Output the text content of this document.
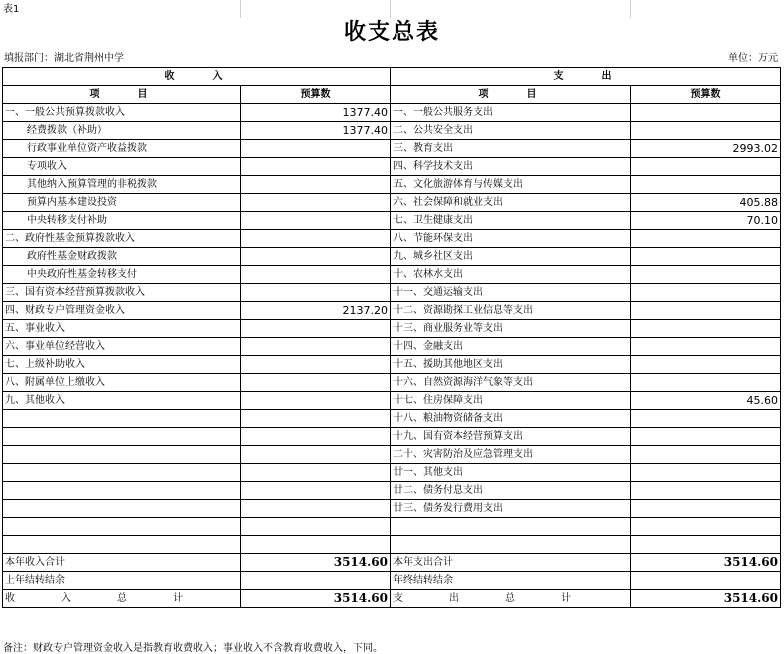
表1
收支总表
填报部门：湖北省荆州中学	单位：万元
收　　入		支　　出	
项　　目	预算数	项　　目	预算数
一、一般公共预算拨款收入	1377.40	一、一般公共服务支出	
经费拨款（补助）	1377.40	二、公共安全支出	
行政事业单位资产收益拨款		三、教育支出	2993.02
专项收入		四、科学技术支出	
其他纳入预算管理的非税拨款		五、文化旅游体育与传媒支出	
预算内基本建设投资		六、社会保障和就业支出	405.88
中央转移支付补助		七、卫生健康支出	70.10
二、政府性基金预算拨款收入		八、节能环保支出	
政府性基金财政拨款		九、城乡社区支出	
中央政府性基金转移支付		十、农林水支出	
三、国有资本经营预算拨款收入		十一、交通运输支出	
四、财政专户管理资金收入	2137.20	十二、资源勘探工业信息等支出	
五、事业收入		十三、商业服务业等支出	
六、事业单位经营收入		十四、金融支出	
七、上级补助收入		十五、援助其他地区支出	
八、附属单位上缴收入		十六、自然资源海洋气象等支出	
九、其他收入		十七、住房保障支出	45.60
		十八、粮油物资储备支出	
		十九、国有资本经营预算支出	
		二十、灾害防治及应急管理支出	
		廿一、其他支出	
		廿二、债务付息支出	
		廿三、债务发行费用支出	

本年收入合计	3514.60	本年支出合计	3514.60
上年结转结余		年终结转结余	
收　入　总　计	3514.60	支　出　总　计	3514.60
备注：财政专户管理资金收入是指教育收费收入；事业收入不含教育收费收入，下同。
